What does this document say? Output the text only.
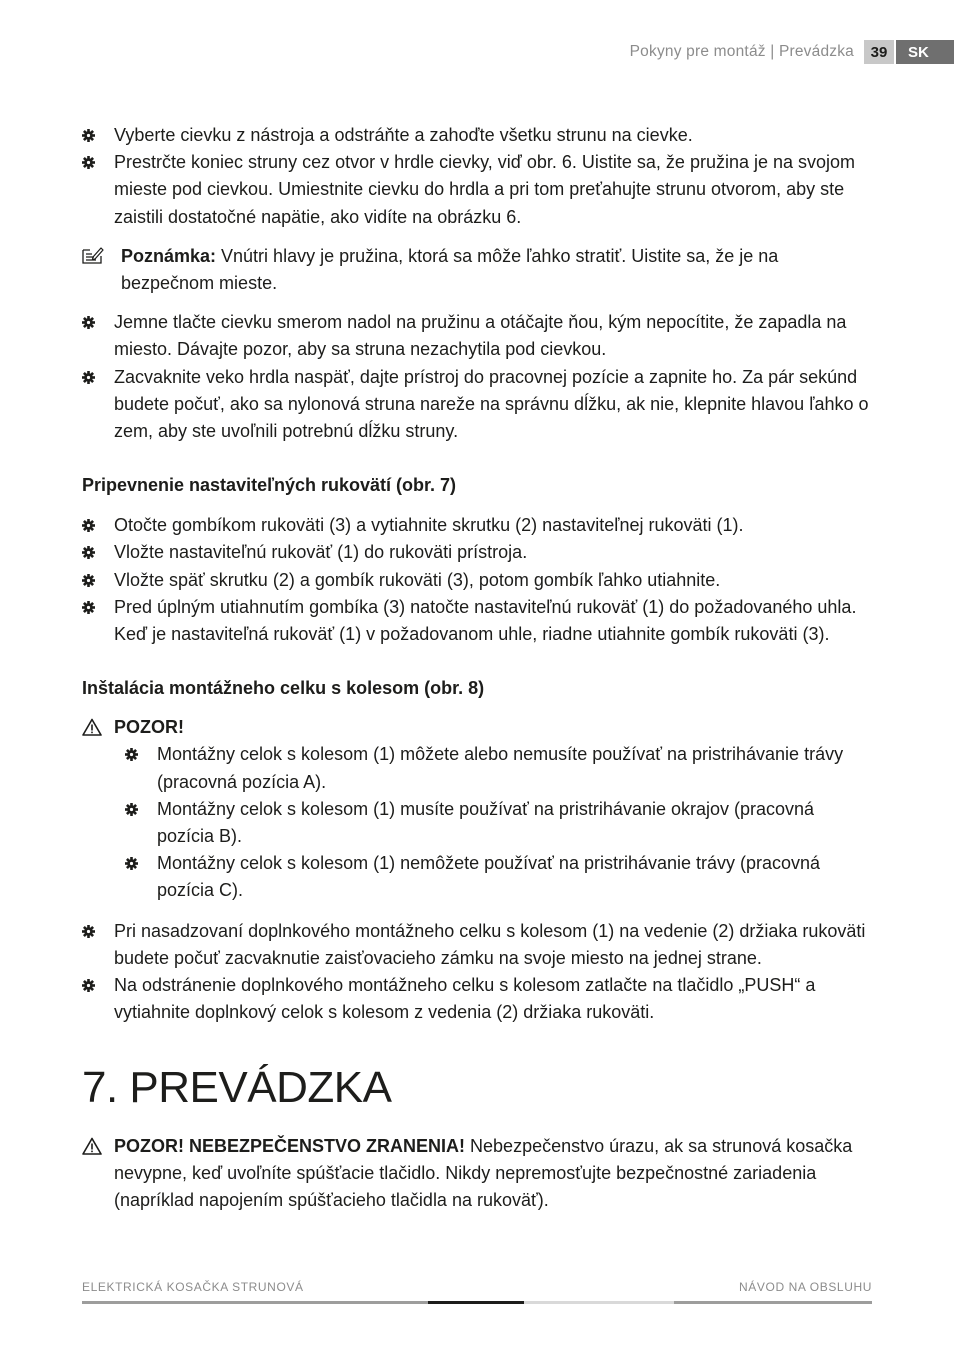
Pokyny pre montáž | Prevádzka	39	SK
Vyberte cievku z nástroja a odstráňte a zahoďte všetku strunu na cievke.
Prestrčte koniec struny cez otvor v hrdle cievky, viď obr. 6. Uistite sa, že pružina je na svojom mieste pod cievkou. Umiestnite cievku do hrdla a pri tom preťahujte strunu otvorom, aby ste zaistili dostatočné napätie, ako vidíte na obrázku 6.
Poznámka: Vnútri hlavy je pružina, ktorá sa môže ľahko stratiť. Uistite sa, že je na bezpečnom mieste.
Jemne tlačte cievku smerom nadol na pružinu a otáčajte ňou, kým nepocítite, že zapadla na miesto. Dávajte pozor, aby sa struna nezachytila pod cievkou.
Zacvaknite veko hrdla naspäť, dajte prístroj do pracovnej pozície a zapnite ho. Za pár sekúnd budete počuť, ako sa nylonová struna nareže na správnu dĺžku, ak nie, klepnite hlavou ľahko o zem, aby ste uvoľnili potrebnú dĺžku struny.
Pripevnenie nastaviteľných rukovätí (obr. 7)
Otočte gombíkom rukoväti (3) a vytiahnite skrutku (2) nastaviteľnej rukoväti (1).
Vložte nastaviteľnú rukoväť (1) do rukoväti prístroja.
Vložte späť skrutku (2) a gombík rukoväti (3), potom gombík ľahko utiahnite.
Pred úplným utiahnutím gombíka (3) natočte nastaviteľnú rukoväť (1) do požadovaného uhla. Keď je nastaviteľná rukoväť (1) v požadovanom uhle, riadne utiahnite gombík rukoväti (3).
Inštalácia montážneho celku s kolesom (obr. 8)
POZOR!
Montážny celok s kolesom (1) môžete alebo nemusíte používať na pristrihávanie trávy (pracovná pozícia A).
Montážny celok s kolesom (1) musíte používať na pristrihávanie okrajov (pracovná pozícia B).
Montážny celok s kolesom (1) nemôžete používať na pristrihávanie trávy (pracovná pozícia C).
Pri nasadzovaní doplnkového montážneho celku s kolesom (1) na vedenie (2) držiaka rukoväti budete počuť zacvaknutie zaisťovacieho zámku na svoje miesto na jednej strane.
Na odstránenie doplnkového montážneho celku s kolesom zatlačte na tlačidlo „PUSH“ a vytiahnite doplnkový celok s kolesom z vedenia (2) držiaka rukoväti.
7. PREVÁDZKA
POZOR! NEBEZPEČENSTVO ZRANENIA! Nebezpečenstvo úrazu, ak sa strunová kosačka nevypne, keď uvoľníte spúšťacie tlačidlo. Nikdy nepremosťujte bezpečnostné zariadenia (napríklad napojením spúšťacieho tlačidla na rukoväť).
ELEKTRICKÁ KOSAČKA STRUNOVÁ	NÁVOD NA OBSLUHU
